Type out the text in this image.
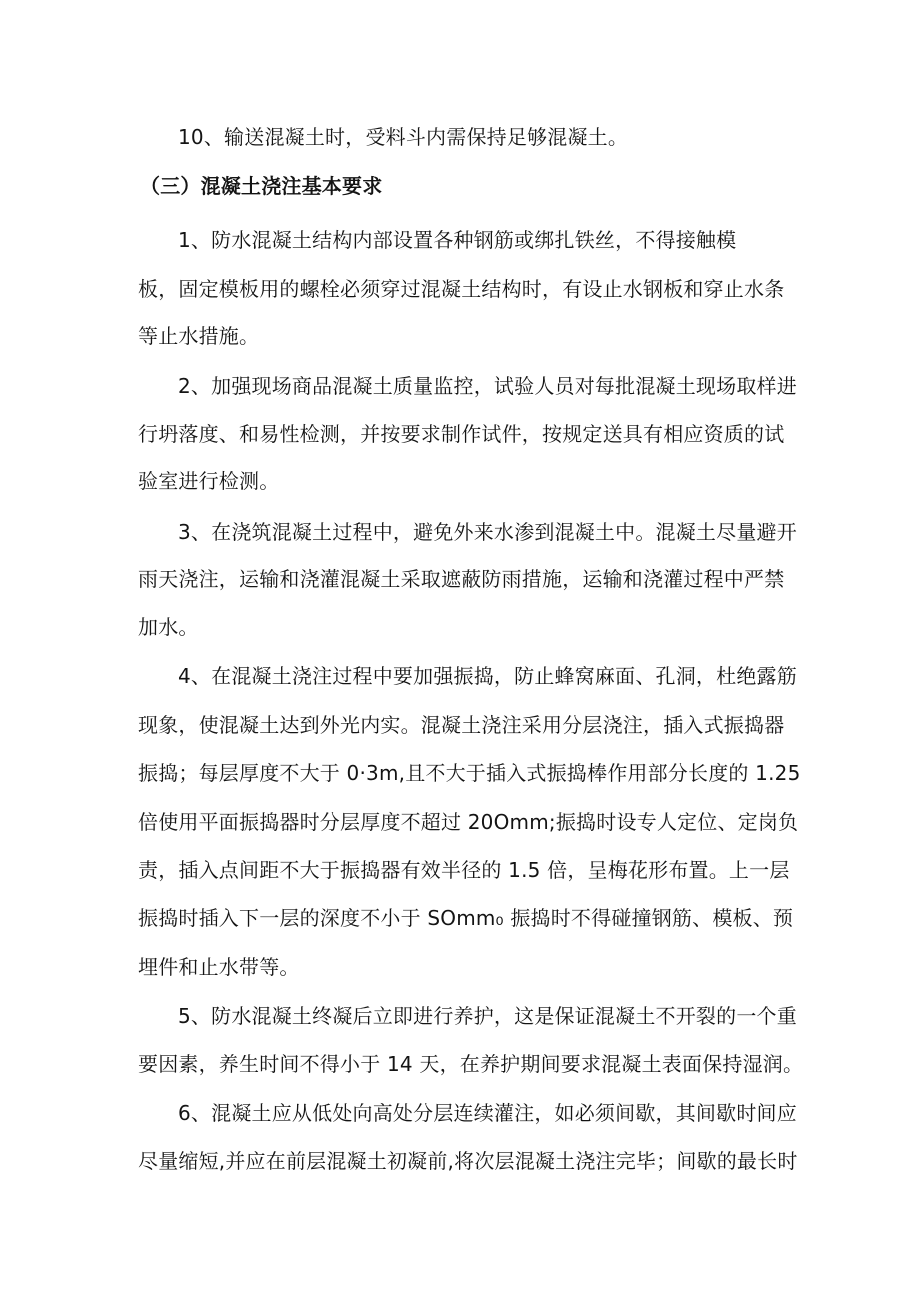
10、输送混凝土时，受料斗内需保持足够混凝土。
（三）混凝土浇注基本要求
1、防水混凝土结构内部设置各种钢筋或绑扎铁丝，不得接触模
板，固定模板用的螺栓必须穿过混凝土结构时，有设止水钢板和穿止水条
等止水措施。
2、加强现场商品混凝土质量监控，试验人员对每批混凝土现场取样进
行坍落度、和易性检测，并按要求制作试件，按规定送具有相应资质的试
验室进行检测。
3、在浇筑混凝土过程中，避免外来水渗到混凝土中。混凝土尽量避开
雨天浇注，运输和浇灌混凝土采取遮蔽防雨措施，运输和浇灌过程中严禁
加水。
4、在混凝土浇注过程中要加强振捣，防止蜂窝麻面、孔洞，杜绝露筋
现象，使混凝土达到外光内实。混凝土浇注采用分层浇注，插入式振捣器
振捣；每层厚度不大于 0·3m,且不大于插入式振捣棒作用部分长度的 1.25
倍使用平面振捣器时分层厚度不超过 20Omm;振捣时设专人定位、定岗负
责，插入点间距不大于振捣器有效半径的 1.5 倍，呈梅花形布置。上一层
振捣时插入下一层的深度不小于 SOmm₀ 振捣时不得碰撞钢筋、模板、预
埋件和止水带等。
5、防水混凝土终凝后立即进行养护，这是保证混凝土不开裂的一个重
要因素，养生时间不得小于 14 天，在养护期间要求混凝土表面保持湿润。
6、混凝土应从低处向高处分层连续灌注，如必须间歇，其间歇时间应
尽量缩短,并应在前层混凝土初凝前,将次层混凝土浇注完毕；间歇的最长时
